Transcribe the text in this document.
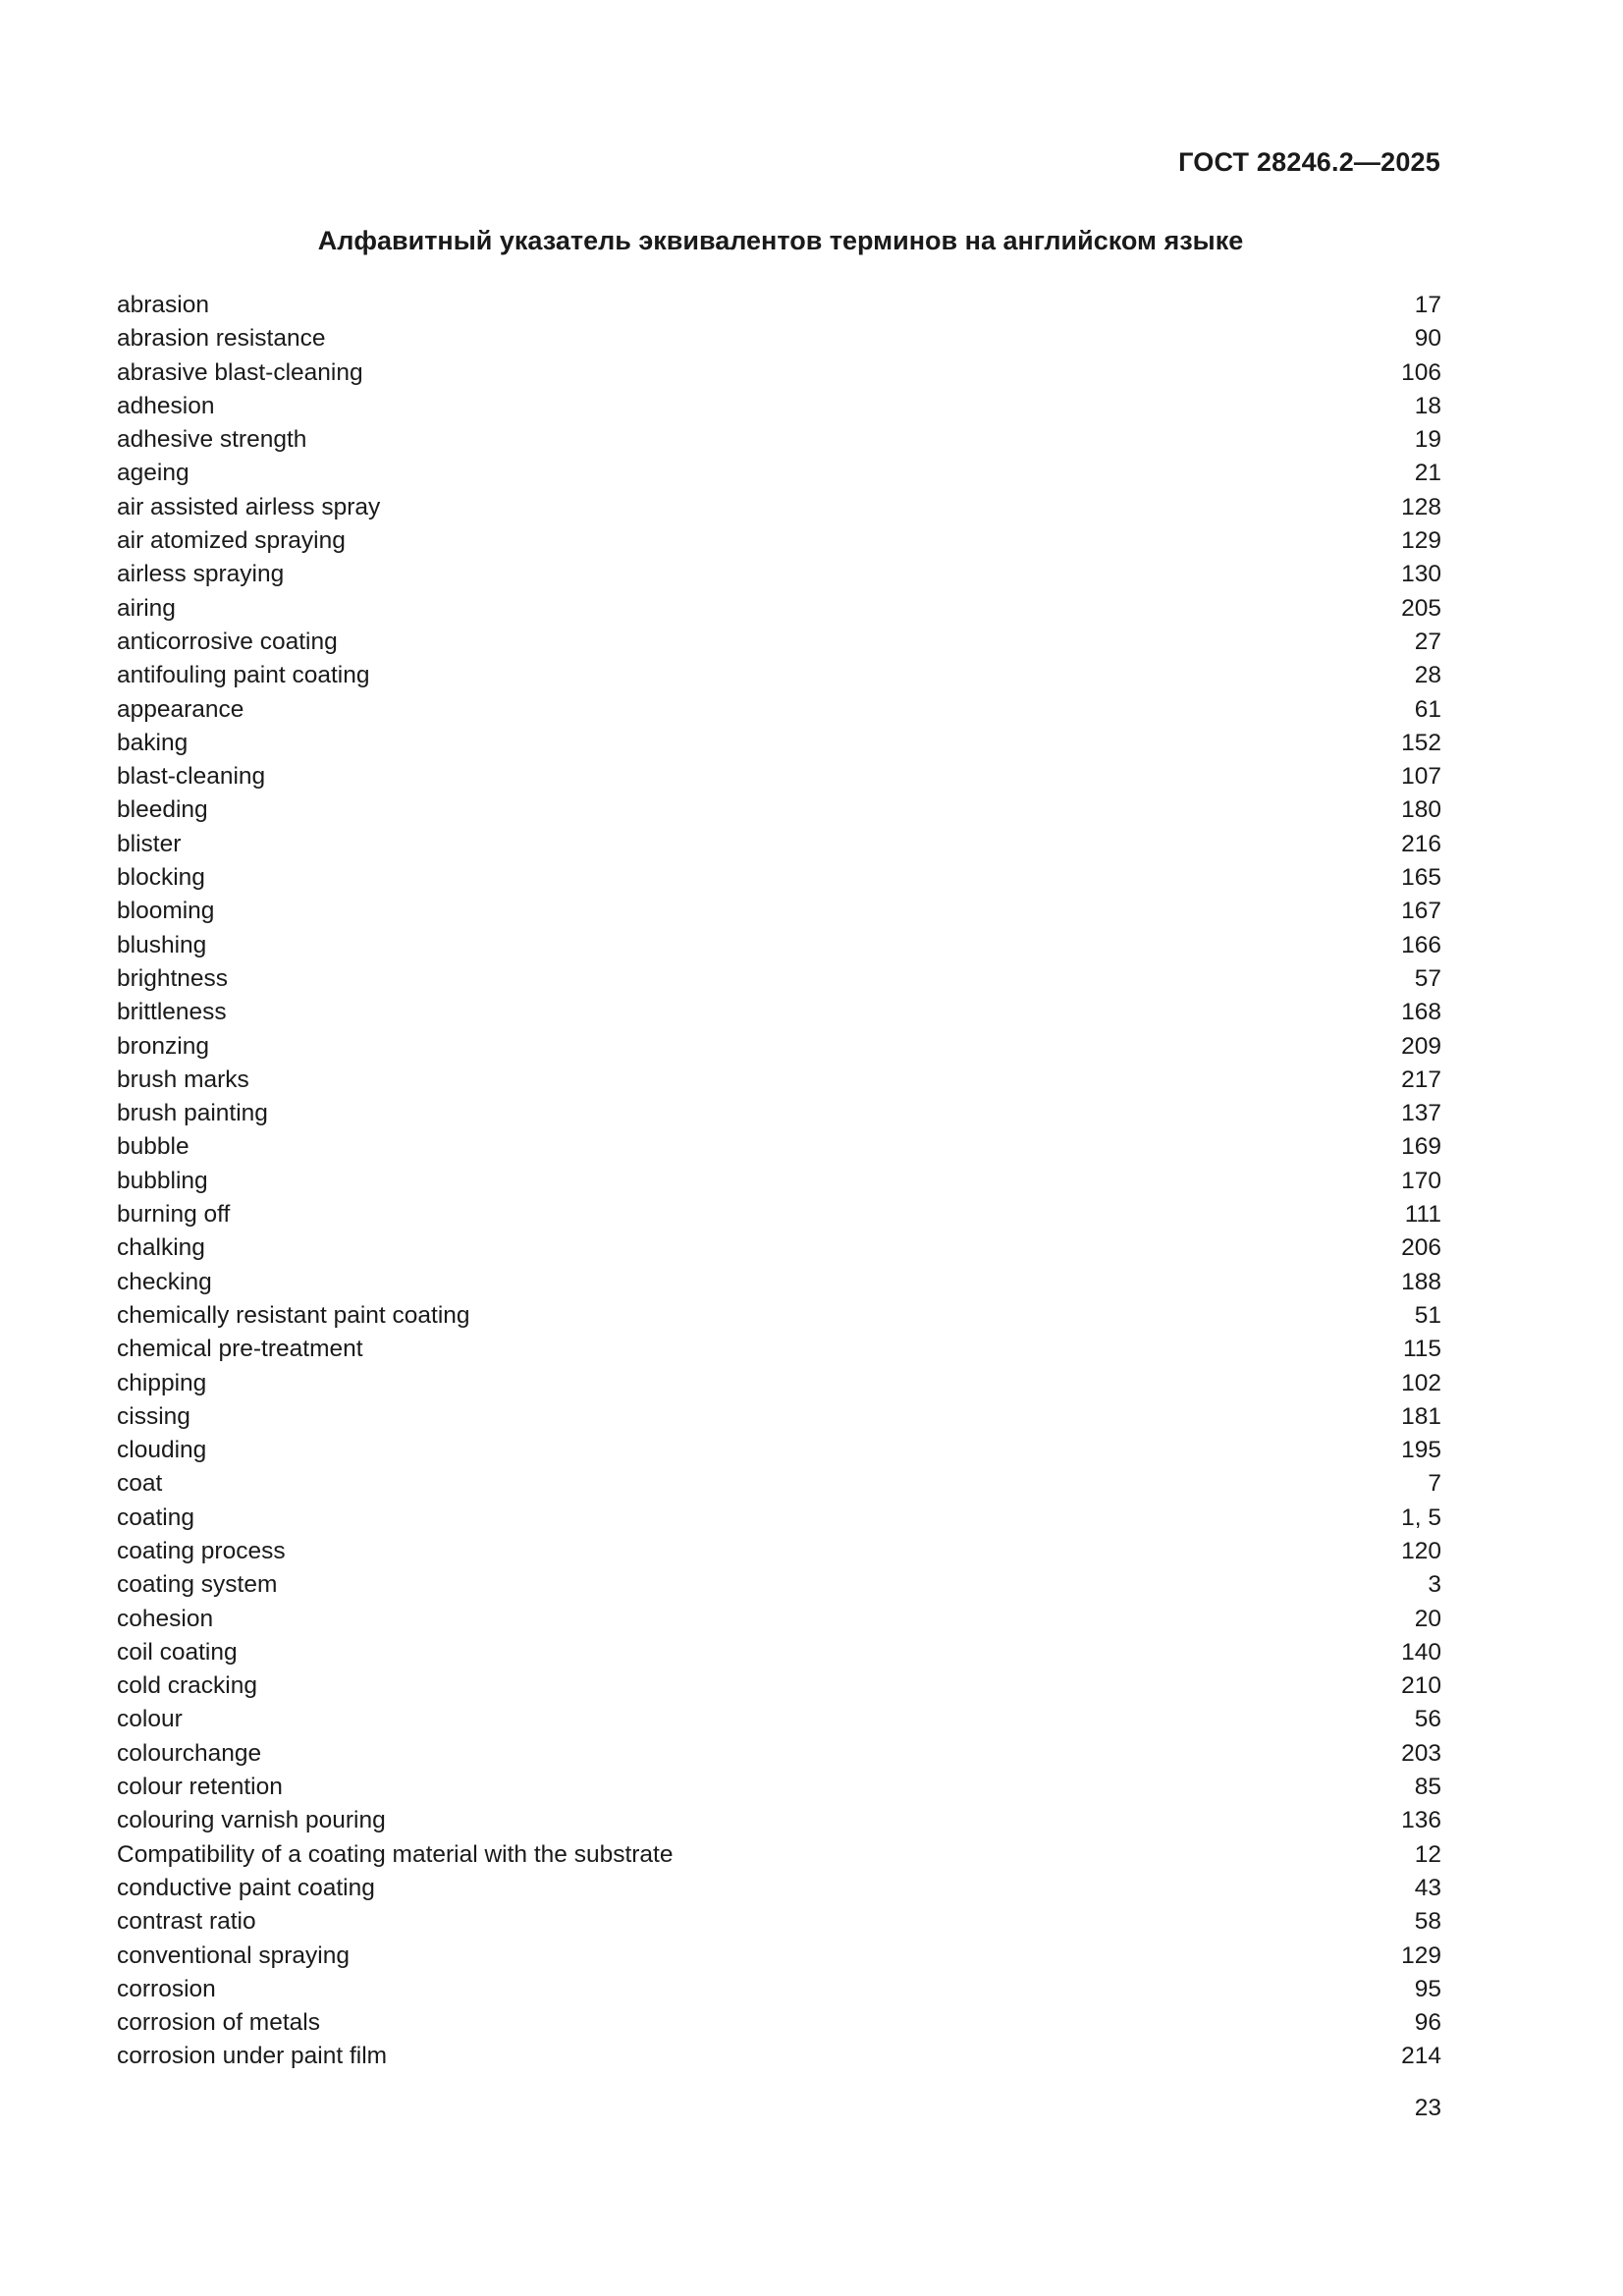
ГОСТ 28246.2—2025
Алфавитный указатель эквивалентов терминов на английском языке
abrasion	17
abrasion resistance	90
abrasive blast-cleaning	106
adhesion	18
adhesive strength	19
ageing	21
air assisted airless spray	128
air atomized spraying	129
airless spraying	130
airing	205
anticorrosive coating	27
antifouling paint coating	28
appearance	61
baking	152
blast-cleaning	107
bleeding	180
blister	216
blocking	165
blooming	167
blushing	166
brightness	57
brittleness	168
bronzing	209
brush marks	217
brush painting	137
bubble	169
bubbling	170
burning off	111
chalking	206
checking	188
chemically resistant paint coating	51
chemical pre-treatment	115
chipping	102
cissing	181
clouding	195
coat	7
coating	1, 5
coating process	120
coating system	3
cohesion	20
coil coating	140
cold cracking	210
colour	56
colourchange	203
colour retention	85
colouring varnish pouring	136
Compatibility of a coating material with the substrate	12
conductive paint coating	43
contrast ratio	58
conventional spraying	129
corrosion	95
corrosion of metals	96
corrosion under paint film	214
23
